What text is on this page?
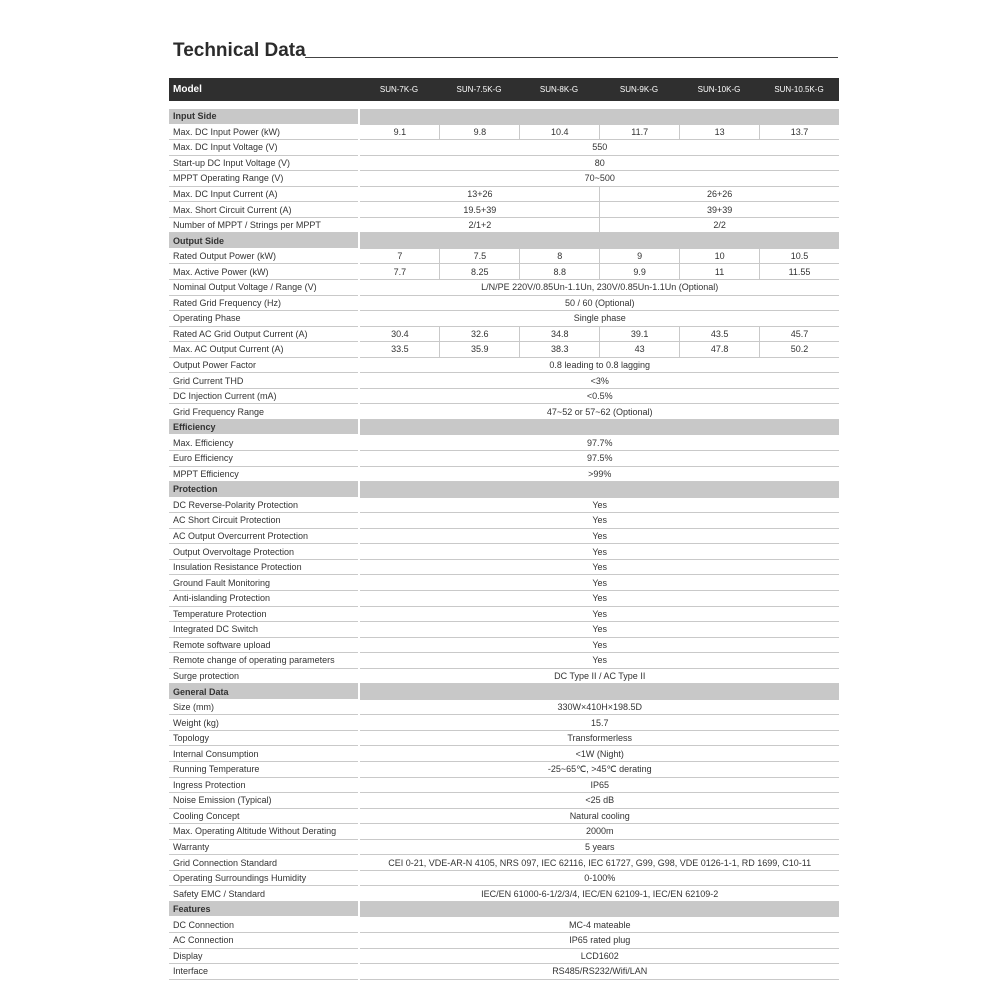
Technical Data
Model	SUN-7K-G	SUN-7.5K-G	SUN-8K-G	SUN-9K-G	SUN-10K-G	SUN-10.5K-G
Input Side
Max. DC Input Power (kW)	9.1	9.8	10.4	11.7	13	13.7
Max. DC Input Voltage (V)	550
Start-up DC Input Voltage (V)	80
MPPT Operating Range (V)	70~500
Max. DC Input Current (A)	13+26	26+26
Max. Short Circuit Current (A)	19.5+39	39+39
Number of MPPT / Strings per MPPT	2/1+2	2/2
Output Side
Rated Output Power (kW)	7	7.5	8	9	10	10.5
Max. Active Power (kW)	7.7	8.25	8.8	9.9	11	11.55
Nominal Output Voltage / Range (V)	L/N/PE 220V/0.85Un-1.1Un, 230V/0.85Un-1.1Un (Optional)
Rated Grid Frequency (Hz)	50 / 60 (Optional)
Operating Phase	Single phase
Rated AC Grid Output Current (A)	30.4	32.6	34.8	39.1	43.5	45.7
Max. AC Output Current (A)	33.5	35.9	38.3	43	47.8	50.2
Output Power Factor	0.8 leading to 0.8 lagging
Grid Current THD	<3%
DC Injection Current (mA)	<0.5%
Grid Frequency Range	47~52 or 57~62 (Optional)
Efficiency
Max. Efficiency	97.7%
Euro Efficiency	97.5%
MPPT Efficiency	>99%
Protection
DC Reverse-Polarity Protection	Yes
AC Short Circuit Protection	Yes
AC Output Overcurrent Protection	Yes
Output Overvoltage Protection	Yes
Insulation Resistance Protection	Yes
Ground Fault Monitoring	Yes
Anti-islanding Protection	Yes
Temperature Protection	Yes
Integrated DC Switch	Yes
Remote software upload	Yes
Remote change of operating parameters	Yes
Surge protection	DC Type II / AC Type II
General Data
Size (mm)	330W×410H×198.5D
Weight (kg)	15.7
Topology	Transformerless
Internal Consumption	<1W (Night)
Running Temperature	-25~65℃, >45℃ derating
Ingress Protection	IP65
Noise Emission (Typical)	<25 dB
Cooling Concept	Natural cooling
Max. Operating Altitude Without Derating	2000m
Warranty	5 years
Grid Connection Standard	CEI 0-21, VDE-AR-N 4105, NRS 097, IEC 62116, IEC 61727, G99, G98, VDE 0126-1-1, RD 1699, C10-11
Operating Surroundings Humidity	0-100%
Safety EMC / Standard	IEC/EN 61000-6-1/2/3/4, IEC/EN 62109-1, IEC/EN 62109-2
Features
DC Connection	MC-4 mateable
AC Connection	IP65 rated plug
Display	LCD1602
Interface	RS485/RS232/Wifi/LAN
